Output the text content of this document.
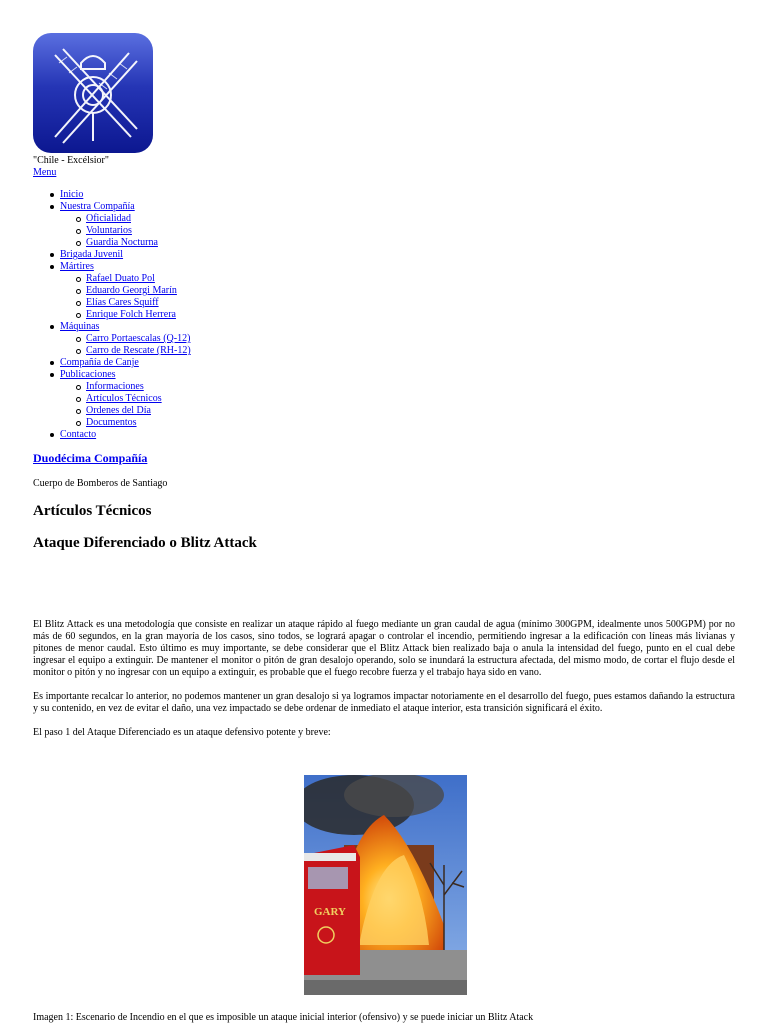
"Chile - Excélsior"
Menu
Inicio
Nuestra Compañía
Oficialidad
Voluntarios
Guardia Nocturna
Brigada Juvenil
Mártires
Rafael Duato Pol
Eduardo Georgi Marín
Elías Cares Squiff
Enrique Folch Herrera
Máquinas
Carro Portaescalas (Q-12)
Carro de Rescate (RH-12)
Compañía de Canje
Publicaciones
Informaciones
Artículos Técnicos
Ordenes del Día
Documentos
Contacto
Duodécima Compañía
Cuerpo de Bomberos de Santiago
Artículos Técnicos
Ataque Diferenciado o Blitz Attack

El Blitz Attack es una metodología que consiste en realizar un ataque rápido al fuego mediante un gran caudal de agua (mínimo 300GPM, idealmente unos 500GPM) por no más de 60 segundos, en la gran mayoría de los casos, sino todos, se logrará apagar o controlar el incendio, permitiendo ingresar a la edificación con líneas más livianas y pitones de menor caudal. Esto último es muy importante, se debe considerar que el Blitz Attack bien realizado baja o anula la intensidad del fuego, punto en el cual debe ingresar el equipo a extinguir. De mantener el monitor o pitón de gran desalojo operando, solo se inundará la estructura afectada, del mismo modo, de cortar el flujo desde el monitor o pitón y no ingresar con un equipo a extinguir, es probable que el fuego recobre fuerza y el trabajo haya sido en vano.

Es importante recalcar lo anterior, no podemos mantener un gran desalojo si ya logramos impactar notoriamente en el desarrollo del fuego, pues estamos dañando la estructura y su contenido, en vez de evitar el daño, una vez impactado se debe ordenar de inmediato el ataque interior, esta transición significará el éxito.

El paso 1 del Ataque Diferenciado es un ataque defensivo potente y breve:

GARY
Imagen 1: Escenario de Incendio en el que es imposible un ataque inicial interior (ofensivo) y se puede iniciar un Blitz Atack
